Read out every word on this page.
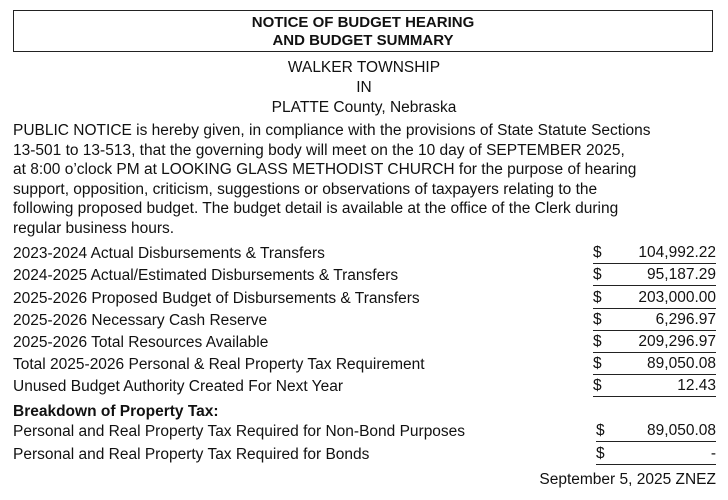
NOTICE OF BUDGET HEARING
AND BUDGET SUMMARY
WALKER TOWNSHIP
IN
PLATTE County, Nebraska
PUBLIC NOTICE is hereby given, in compliance with the provisions of State Statute Sections
13-501 to 13-513, that the governing body will meet on the 10 day of SEPTEMBER 2025,
at 8:00 o’clock PM at LOOKING GLASS METHODIST CHURCH for the purpose of hearing
support, opposition, criticism, suggestions or observations of taxpayers relating to the
following proposed budget. The budget detail is available at the office of the Clerk during
regular business hours.
2023-2024 Actual Disbursements & Transfers	$	104,992.22
2024-2025 Actual/Estimated Disbursements & Transfers	$	95,187.29
2025-2026 Proposed Budget of Disbursements & Transfers	$	203,000.00
2025-2026 Necessary Cash Reserve	$	6,296.97
2025-2026 Total Resources Available	$	209,296.97
Total 2025-2026 Personal & Real Property Tax Requirement	$	89,050.08
Unused Budget Authority Created For Next Year	$	12.43
Breakdown of Property Tax:
Personal and Real Property Tax Required for Non-Bond Purposes	$	89,050.08
Personal and Real Property Tax Required for Bonds	$	-
September 5, 2025 ZNEZ
